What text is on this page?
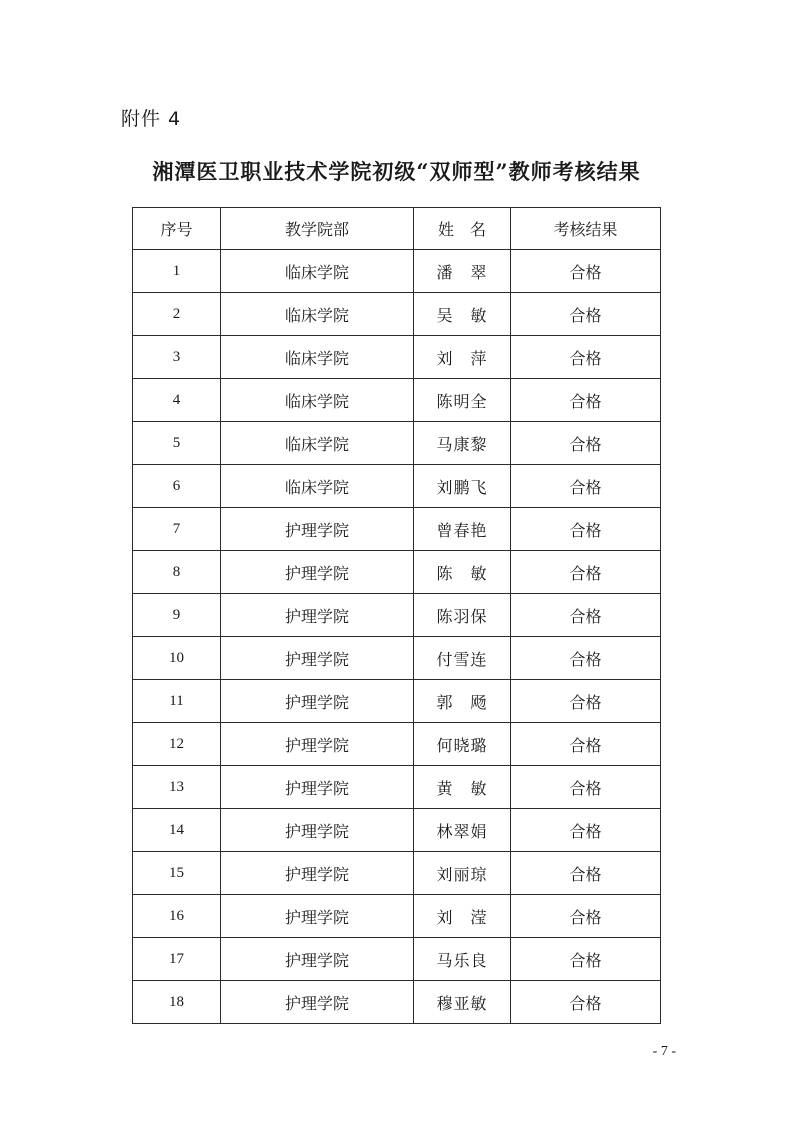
附件 4
湘潭医卫职业技术学院初级“双师型”教师考核结果
序号	教学院部	姓　名	考核结果
1	临床学院	潘　翠	合格
2	临床学院	吴　敏	合格
3	临床学院	刘　萍	合格
4	临床学院	陈明全	合格
5	临床学院	马康黎	合格
6	临床学院	刘鹏飞	合格
7	护理学院	曾春艳	合格
8	护理学院	陈　敏	合格
9	护理学院	陈羽保	合格
10	护理学院	付雪连	合格
11	护理学院	郭　飏	合格
12	护理学院	何晓璐	合格
13	护理学院	黄　敏	合格
14	护理学院	林翠娟	合格
15	护理学院	刘丽琼	合格
16	护理学院	刘　滢	合格
17	护理学院	马乐良	合格
18	护理学院	穆亚敏	合格
- 7 -
